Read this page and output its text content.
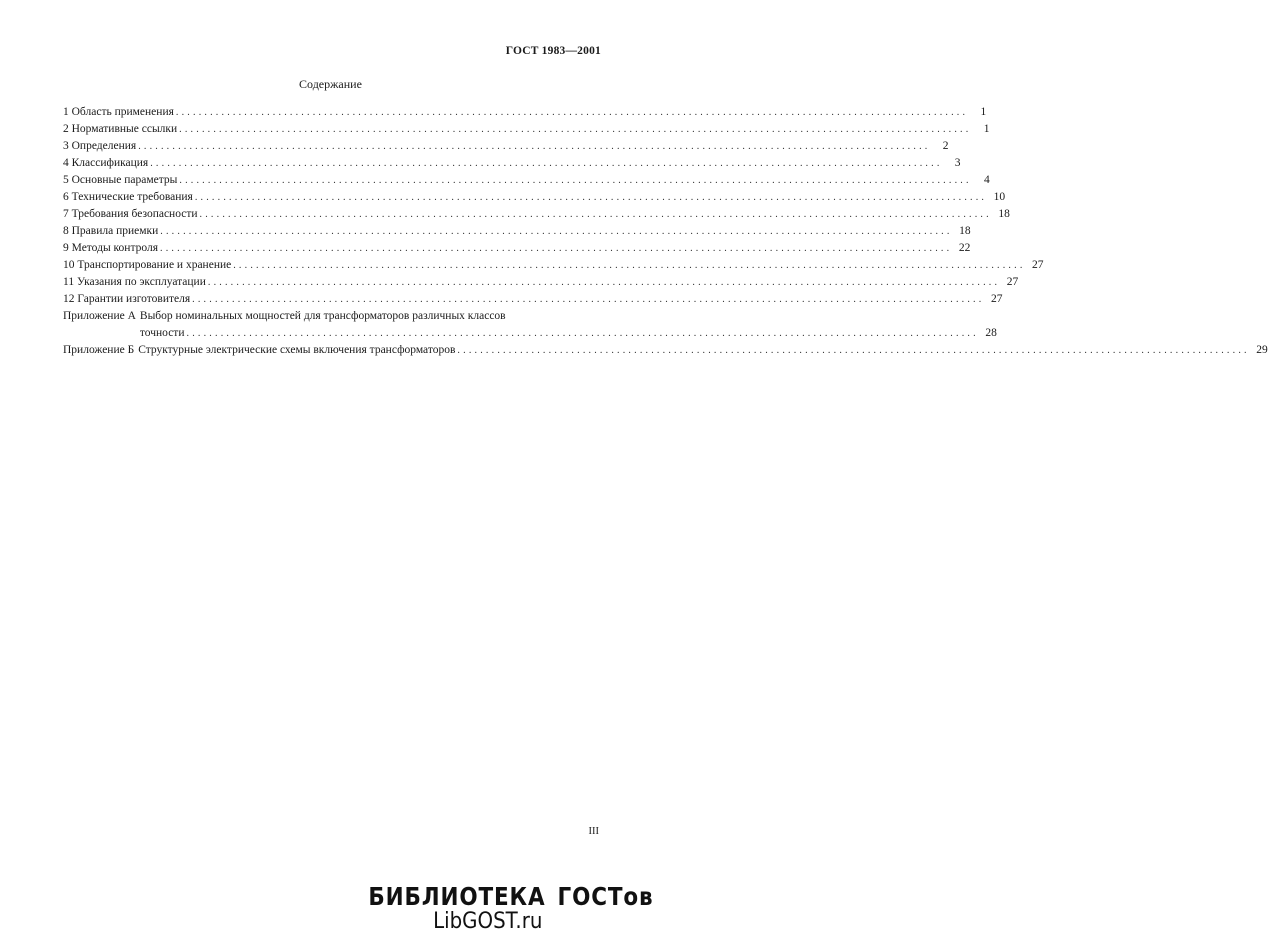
ГОСТ 1983—2001
Содержание
1 Область применения ...........................................................................................................................................	1
2 Нормативные ссылки ...........................................................................................................................................	1
3 Определения ...........................................................................................................................................	2
4 Классификация ...........................................................................................................................................	3
5 Основные параметры ...........................................................................................................................................	4
6 Технические требования ........................................................................................................................................... 10
7 Требования безопасности ........................................................................................................................................... 18
8 Правила приемки ........................................................................................................................................... 18
9 Методы контроля ........................................................................................................................................... 22
10 Транспортирование и хранение ........................................................................................................................................... 27
11 Указания по эксплуатации ........................................................................................................................................... 27
12 Гарантии изготовителя ........................................................................................................................................... 27
Приложение А Выбор номинальных мощностей для трансформаторов различных классов
точности ........................................................................................................................................... 28
Приложение Б Структурные электрические схемы включения трансформаторов ........................................................................................................................................... 29
III
БИБЛИОТЕКА ГОСТов
LibGOST.ru
